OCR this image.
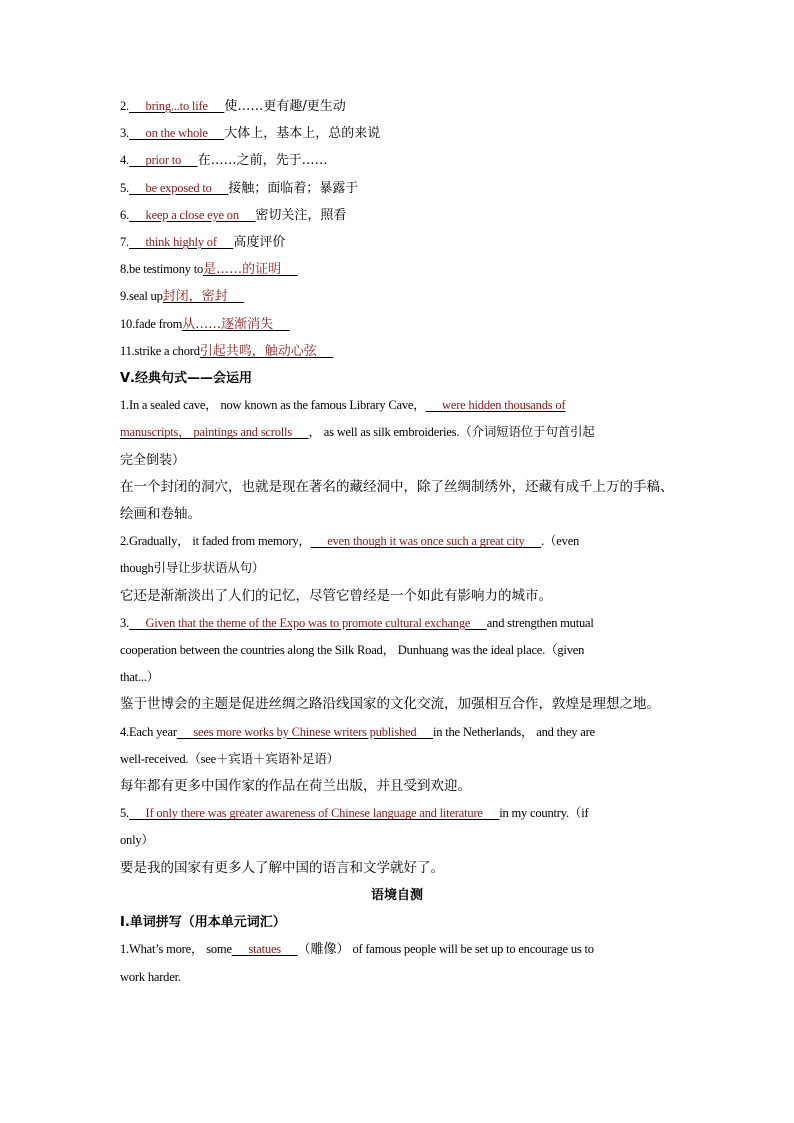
2. bring...to life 使……更有趣/更生动
3. on the whole 大体上，基本上，总的来说
4. prior to 在……之前，先于……
5. be exposed to 接触；面临着；暴露于
6. keep a close eye on 密切关注，照看
7. think highly of 高度评价
8.be testimony to是……的证明
9.seal up封闭，密封
10.fade from从……逐渐消失
11.strike a chord引起共鸣，触动心弦
Ⅴ.经典句式——会运用
1.In a sealed cave， now known as the famous Library Cave， were hidden thousands of
manuscripts， paintings and scrolls ， as well as silk embroideries.（介词短语位于句首引起
完全倒装）
在一个封闭的洞穴，也就是现在著名的藏经洞中，除了丝绸制绣外，还藏有成千上万的手稿、绘画和卷轴。
2.Gradually， it faded from memory， even though it was once such a great city .（even
though引导让步状语从句）
它还是渐渐淡出了人们的记忆，尽管它曾经是一个如此有影响力的城市。
3. Given that the theme of the Expo was to promote cultural exchange and strengthen mutual
cooperation between the countries along the Silk Road， Dunhuang was the ideal place.（given
that...）
鉴于世博会的主题是促进丝绸之路沿线国家的文化交流，加强相互合作，敦煌是理想之地。
4.Each year sees more works by Chinese writers published in the Netherlands， and they are
well-received.（see＋宾语＋宾语补足语）
每年都有更多中国作家的作品在荷兰出版，并且受到欢迎。
5. If only there was greater awareness of Chinese language and literature in my country.（if
only）
要是我的国家有更多人了解中国的语言和文学就好了。
语境自测
Ⅰ.单词拼写（用本单元词汇）
1.What’s more， some statues （雕像） of famous people will be set up to encourage us to
work harder.
